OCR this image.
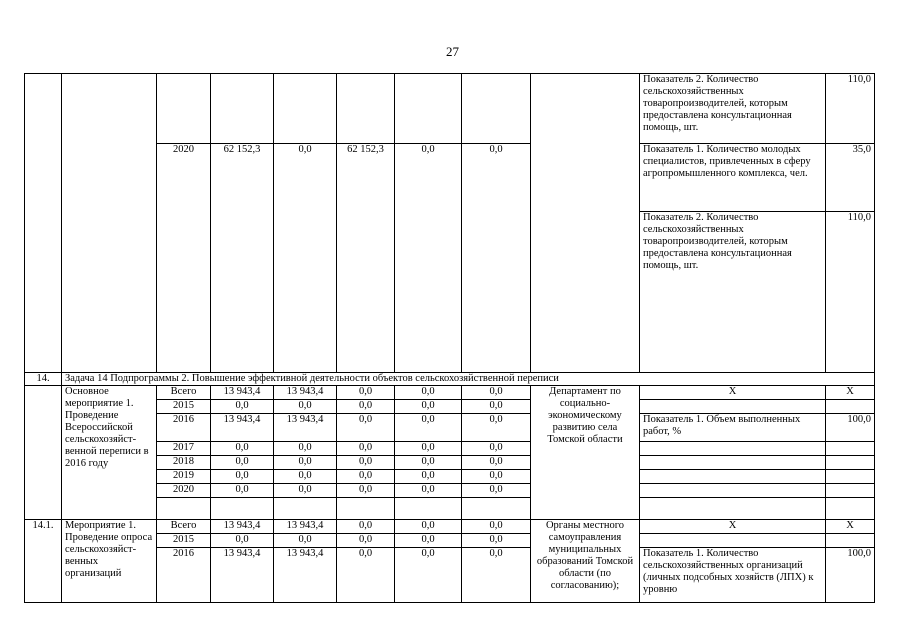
27
									Показатель 2. Количество сельскохозяйственных товаропроизводителей, которым предоставлена консультационная помощь, шт.	110,0
		2020	62 152,3	0,0	62 152,3	0,0	0,0		Показатель 1. Количество молодых специалистов, привлеченных в сферу агропромышленного комплекса, чел.	35,0
									Показатель 2. Количество сельскохозяйственных товаропроизводителей, которым предоставлена консультационная помощь, шт.	110,0
14.	Задача 14 Подпрограммы 2. Повышение эффективной деятельности объектов сельскохозяйственной переписи									
	Основное мероприятие 1. Проведение Всероссийской сельскохозяйст-венной переписи в 2016 году	Всего	13 943,4	13 943,4	0,0	0,0	0,0	Департамент по социально-экономическому развитию села Томской области	X	X
		2015	0,0	0,0	0,0	0,0	0,0			
		2016	13 943,4	13 943,4	0,0	0,0	0,0		Показатель 1. Объем выполненных работ, %	100,0
		2017	0,0	0,0	0,0	0,0	0,0			
		2018	0,0	0,0	0,0	0,0	0,0			
		2019	0,0	0,0	0,0	0,0	0,0			
		2020	0,0	0,0	0,0	0,0	0,0			

14.1.	Мероприятие 1. Проведение опроса сельскохозяйст-венных организаций	Всего	13 943,4	13 943,4	0,0	0,0	0,0	Органы местного самоуправления муниципальных образований Томской области (по согласованию);	X	X
		2015	0,0	0,0	0,0	0,0	0,0			
		2016	13 943,4	13 943,4	0,0	0,0	0,0		Показатель 1. Количество сельскохозяйственных организаций (личных подсобных хозяйств (ЛПХ) к уровню	100,0
